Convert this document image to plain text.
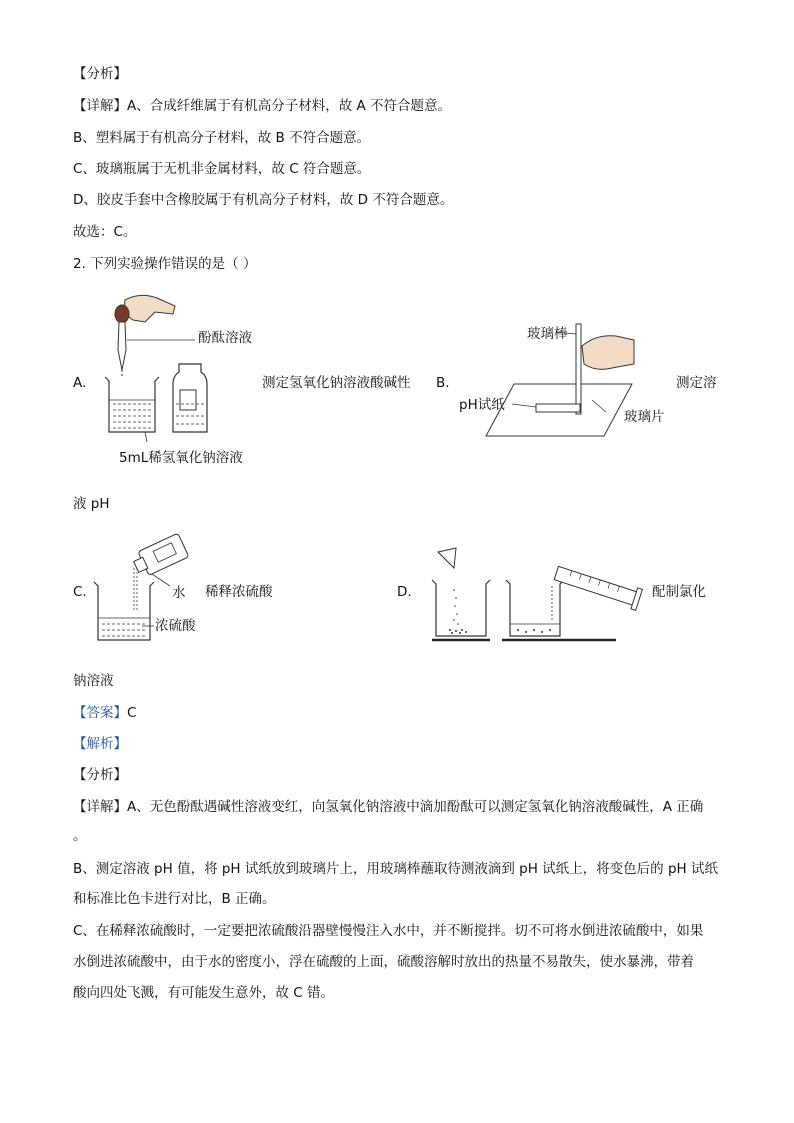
【分析】
【详解】A、合成纤维属于有机高分子材料，故 A 不符合题意。
B、塑料属于有机高分子材料，故 B 不符合题意。
C、玻璃瓶属于无机非金属材料，故 C 符合题意。
D、胶皮手套中含橡胶属于有机高分子材料，故 D 不符合题意。
故选：C。
2. 下列实验操作错误的是（ ）
A.
酚酞溶液
5mL稀氢氧化钠溶液
测定氢氧化钠溶液酸碱性 B.
玻璃棒
pH试纸
玻璃片
测定溶
液 pH
C.	水
浓硫酸
稀释浓硫酸	D.	配制氯化
钠溶液
【答案】C
【解析】
【分析】
【详解】A、无色酚酞遇碱性溶液变红，向氢氧化钠溶液中滴加酚酞可以测定氢氧化钠溶液酸碱性，A 正确
。
B、测定溶液 pH 值，将 pH 试纸放到玻璃片上，用玻璃棒蘸取待测液滴到 pH 试纸上，将变色后的 pH 试纸
和标准比色卡进行对比，B 正确。
C、在稀释浓硫酸时，一定要把浓硫酸沿器壁慢慢注入水中，并不断搅拌。切不可将水倒进浓硫酸中，如果
水倒进浓硫酸中，由于水的密度小，浮在硫酸的上面，硫酸溶解时放出的热量不易散失，使水暴沸，带着
酸向四处飞溅，有可能发生意外，故 C 错。
